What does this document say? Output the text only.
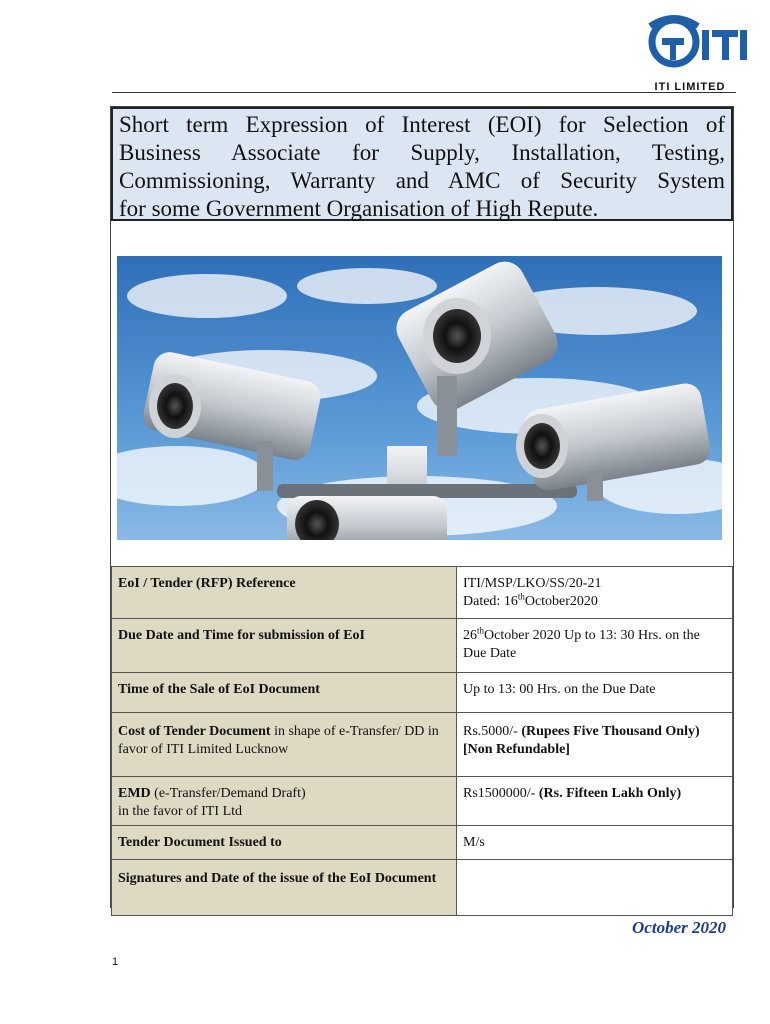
ITI LIMITED
Short term Expression of Interest (EOI) for Selection of
Business Associate for Supply, Installation, Testing,
Commissioning, Warranty and AMC of Security System
for some Government Organisation of High Repute.
EoI / Tender (RFP) Reference	ITI/MSP/LKO/SS/20-21
Dated: 16thOctober2020
Due Date and Time for submission of EoI	26thOctober 2020 Up to 13: 30 Hrs. on the Due Date
Time of the Sale of EoI Document	Up to 13: 00 Hrs. on the Due Date
Cost of Tender Document in shape of e-Transfer/ DD in favor of ITI Limited Lucknow	Rs.5000/- (Rupees Five Thousand Only) [Non Refundable]
EMD (e-Transfer/Demand Draft)
in the favor of ITI Ltd	Rs1500000/- (Rs. Fifteen Lakh Only)
Tender Document Issued to	M/s
Signatures and Date of the issue of the EoI Document	
October 2020
1
